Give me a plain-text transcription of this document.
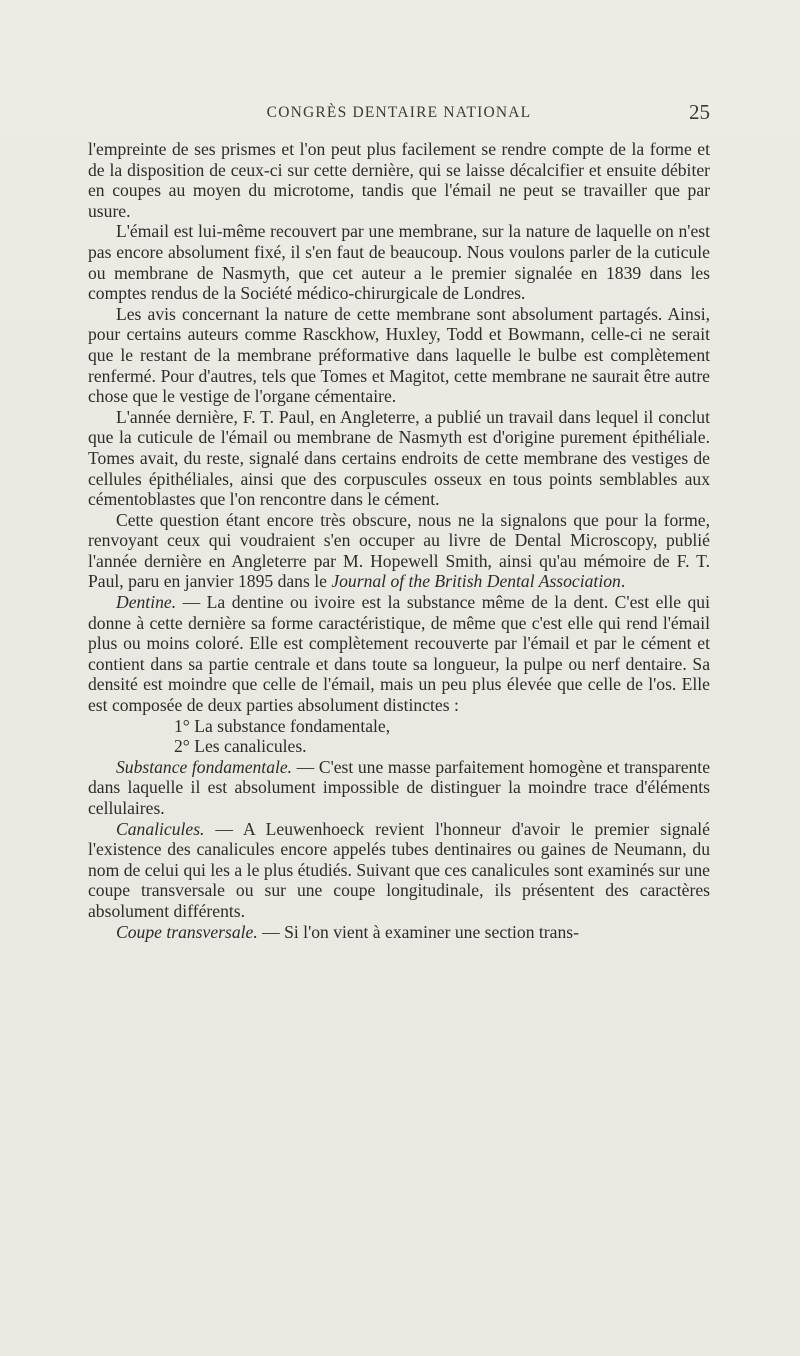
CONGRÈS DENTAIRE NATIONAL	25

l'empreinte de ses prismes et l'on peut plus facilement se rendre compte de la forme et de la disposition de ceux-ci sur cette dernière, qui se laisse décalcifier et ensuite débiter en coupes au moyen du microtome, tandis que l'émail ne peut se travailler que par usure.

L'émail est lui-même recouvert par une membrane, sur la nature de laquelle on n'est pas encore absolument fixé, il s'en faut de beaucoup. Nous voulons parler de la cuticule ou membrane de Nasmyth, que cet auteur a le premier signalée en 1839 dans les comptes rendus de la Société médico-chirurgicale de Londres.

Les avis concernant la nature de cette membrane sont absolument partagés. Ainsi, pour certains auteurs comme Rasckhow, Huxley, Todd et Bowmann, celle-ci ne serait que le restant de la membrane préformative dans laquelle le bulbe est complètement renfermé. Pour d'autres, tels que Tomes et Magitot, cette membrane ne saurait être autre chose que le vestige de l'organe cémentaire.

L'année dernière, F. T. Paul, en Angleterre, a publié un travail dans lequel il conclut que la cuticule de l'émail ou membrane de Nasmyth est d'origine purement épithéliale. Tomes avait, du reste, signalé dans certains endroits de cette membrane des vestiges de cellules épithéliales, ainsi que des corpuscules osseux en tous points semblables aux cémentoblastes que l'on rencontre dans le cément.

Cette question étant encore très obscure, nous ne la signalons que pour la forme, renvoyant ceux qui voudraient s'en occuper au livre de Dental Microscopy, publié l'année dernière en Angleterre par M. Hopewell Smith, ainsi qu'au mémoire de F. T. Paul, paru en janvier 1895 dans le Journal of the British Dental Association.

Dentine. — La dentine ou ivoire est la substance même de la dent. C'est elle qui donne à cette dernière sa forme caractéristique, de même que c'est elle qui rend l'émail plus ou moins coloré. Elle est complètement recouverte par l'émail et par le cément et contient dans sa partie centrale et dans toute sa longueur, la pulpe ou nerf dentaire. Sa densité est moindre que celle de l'émail, mais un peu plus élevée que celle de l'os. Elle est composée de deux parties absolument distinctes :

1° La substance fondamentale,

2° Les canalicules.

Substance fondamentale. — C'est une masse parfaitement homogène et transparente dans laquelle il est absolument impossible de distinguer la moindre trace d'éléments cellulaires.

Canalicules. — A Leuwenhoeck revient l'honneur d'avoir le premier signalé l'existence des canalicules encore appelés tubes dentinaires ou gaines de Neumann, du nom de celui qui les a le plus étudiés. Suivant que ces canalicules sont examinés sur une coupe transversale ou sur une coupe longitudinale, ils présentent des caractères absolument différents.

Coupe transversale. — Si l'on vient à examiner une section trans-
